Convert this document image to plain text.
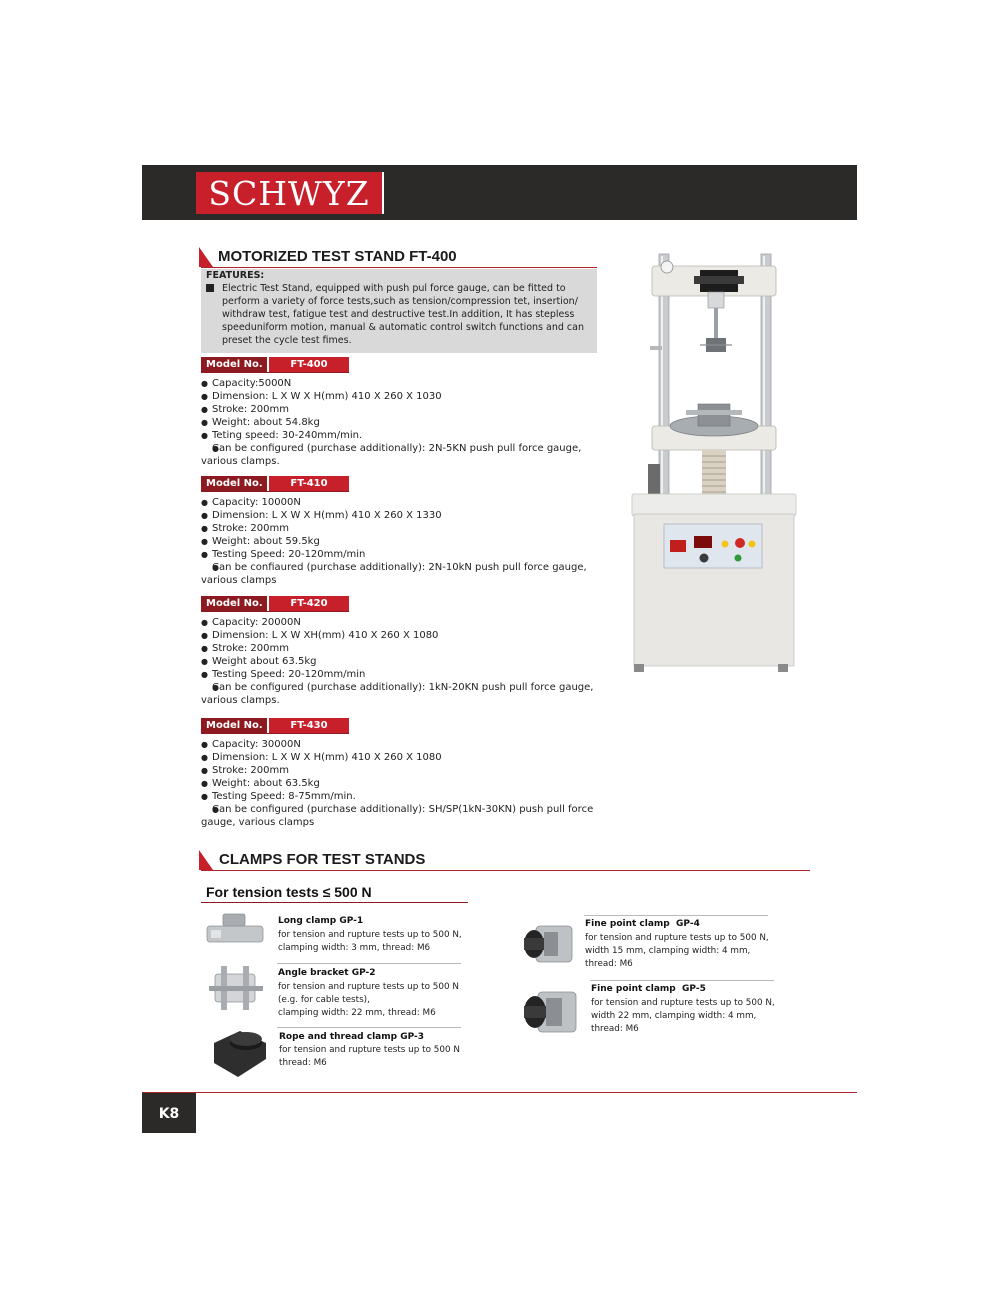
SCHWYZ
MOTORIZED TEST STAND FT-400
FEATURES:
Electric Test Stand, equipped with push pul force gauge, can be fitted to perform a variety of force tests,such as tension/compression tet, insertion/ withdraw test, fatigue test and destructive test.In addition, It has stepless speeduniform motion, manual & automatic control switch functions and can preset the cycle test fimes.
Model No.	FT-400
● Capacity:5000N
● Dimension: L X W X H(mm) 410 X 260 X 1030
● Stroke: 200mm
● Weight: about 54.8kg
● Teting speed: 30-240mm/min.
● Can be configured (purchase additionally): 2N-5KN push pull force gauge, various clamps.
Model No.	FT-410
● Capacity: 10000N
● Dimension: L X W X H(mm) 410 X 260 X 1330
● Stroke: 200mm
● Weight: about 59.5kg
● Testing Speed: 20-120mm/min
● Can be confiaured (purchase additionally): 2N-10kN push pull force gauge, various clamps
Model No.	FT-420
● Capacity: 20000N
● Dimension: L X W XH(mm) 410 X 260 X 1080
● Stroke: 200mm
● Weight about 63.5kg
● Testing Speed: 20-120mm/min
● Can be configured (purchase additionally): 1kN-20KN push pull force gauge, various clamps.
Model No.	FT-430
● Capacity: 30000N
● Dimension: L X W X H(mm) 410 X 260 X 1080
● Stroke: 200mm
● Weight: about 63.5kg
● Testing Speed: 8-75mm/min.
● Can be configured (purchase additionally): SH/SP(1kN-30KN) push pull force gauge, various clamps
CLAMPS FOR TEST STANDS
For tension tests ≤ 500 N
Long clamp GP-1
for tension and rupture tests up to 500 N,
clamping width: 3 mm, thread: M6
Angle bracket GP-2
for tension and rupture tests up to 500 N
(e.g. for cable tests),
clamping width: 22 mm, thread: M6
Rope and thread clamp GP-3
for tension and rupture tests up to 500 N
thread: M6
Fine point clamp GP-4
for tension and rupture tests up to 500 N,
width 15 mm, clamping width: 4 mm,
thread: M6
Fine point clamp GP-5
for tension and rupture tests up to 500 N,
width 22 mm, clamping width: 4 mm,
thread: M6
K8
